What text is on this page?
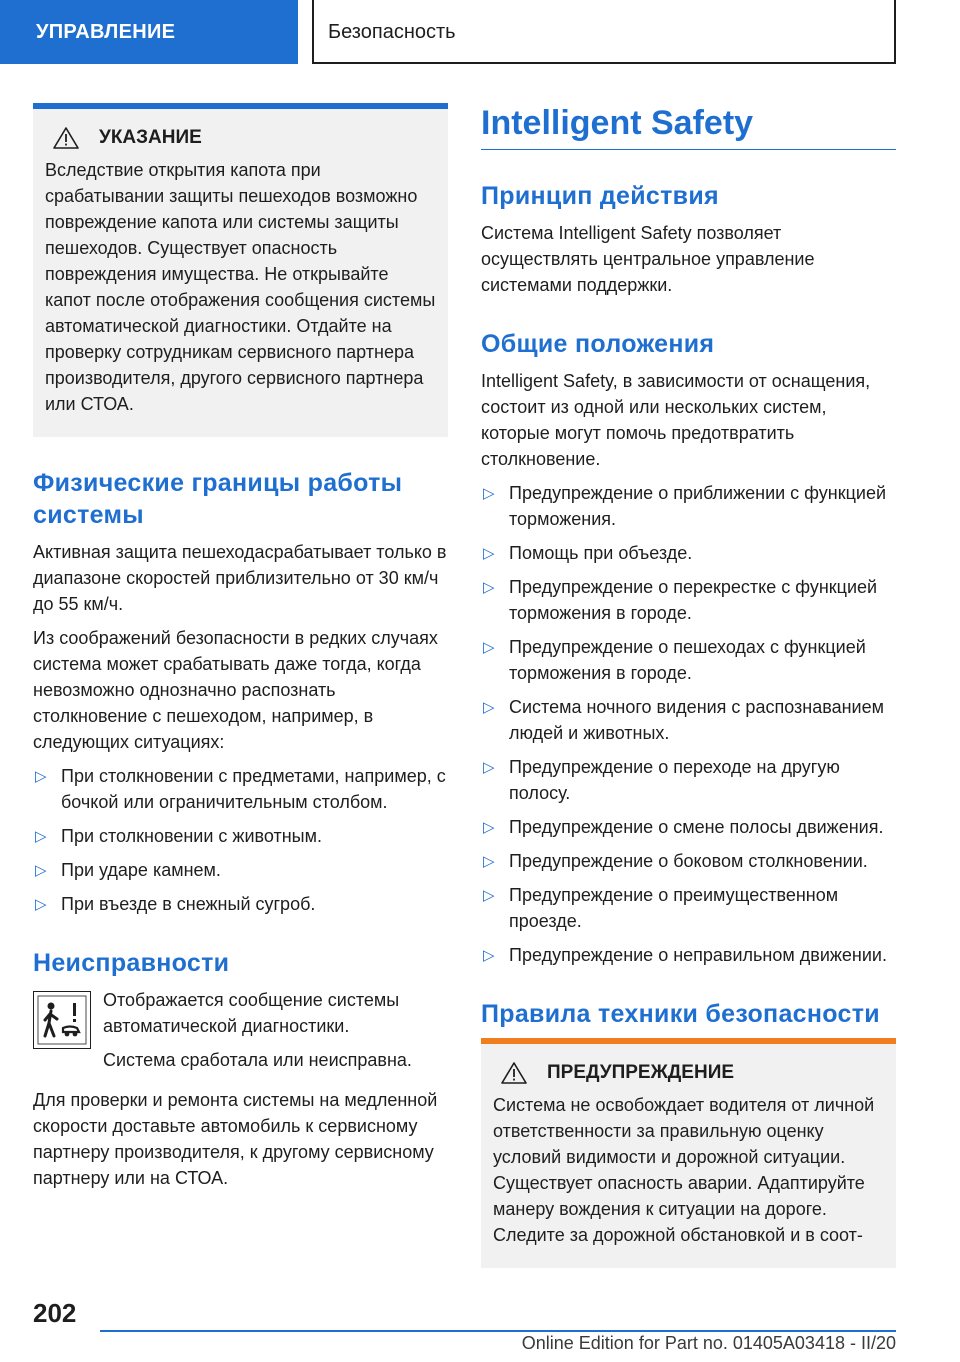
УПРАВЛЕНИЕ	Безопасность
УКАЗАНИЕ
Вследствие открытия капота при срабатывании защиты пешеходов возможно повреждение капота или системы защиты пешеходов. Существует опасность повреждения имущества. Не открывайте капот после отображения сообщения системы автоматической диагностики. Отдайте на проверку сотрудникам сервисного партнера производителя, другого сервисного партнера или СТОА.
Физические границы работы системы

Активная защита пешеходасрабатывает только в диапазоне скоростей приблизительно от 30 км/ч до 55 км/ч.

Из соображений безопасности в редких случаях система может срабатывать даже тогда, когда невозможно однозначно распознать столкновение с пешеходом, например, в следующих ситуациях:

▷ При столкновении с предметами, например, с бочкой или ограничительным столбом.
▷ При столкновении с животным.
▷ При ударе камнем.
▷ При въезде в снежный сугроб.
Неисправности

Отображается сообщение системы автоматической диагностики.

Система сработала или неисправна.

Для проверки и ремонта системы на медленной скорости доставьте автомобиль к сервисному партнеру производителя, к другому сервисному партнеру или на СТОА.

Intelligent Safety
Принцип действия

Система Intelligent Safety позволяет осуществлять центральное управление системами поддержки.

Общие положения

Intelligent Safety, в зависимости от оснащения, состоит из одной или нескольких систем, которые могут помочь предотвратить столкновение.

▷ Предупреждение о приближении с функцией торможения.
▷ Помощь при объезде.
▷ Предупреждение о перекрестке с функцией торможения в городе.
▷ Предупреждение о пешеходах с функцией торможения в городе.
▷ Система ночного видения с распознаванием людей и животных.
▷ Предупреждение о переходе на другую полосу.
▷ Предупреждение о смене полосы движения.
▷ Предупреждение о боковом столкновении.
▷ Предупреждение о преимущественном проезде.
▷ Предупреждение о неправильном движении.
Правила техники безопасности
ПРЕДУПРЕЖДЕНИЕ
Система не освобождает водителя от личной ответственности за правильную оценку условий видимости и дорожной ситуации. Существует опасность аварии. Адаптируйте манеру вождения к ситуации на дороге. Следите за дорожной обстановкой и в соот-
202
Online Edition for Part no. 01405A03418 - II/20
